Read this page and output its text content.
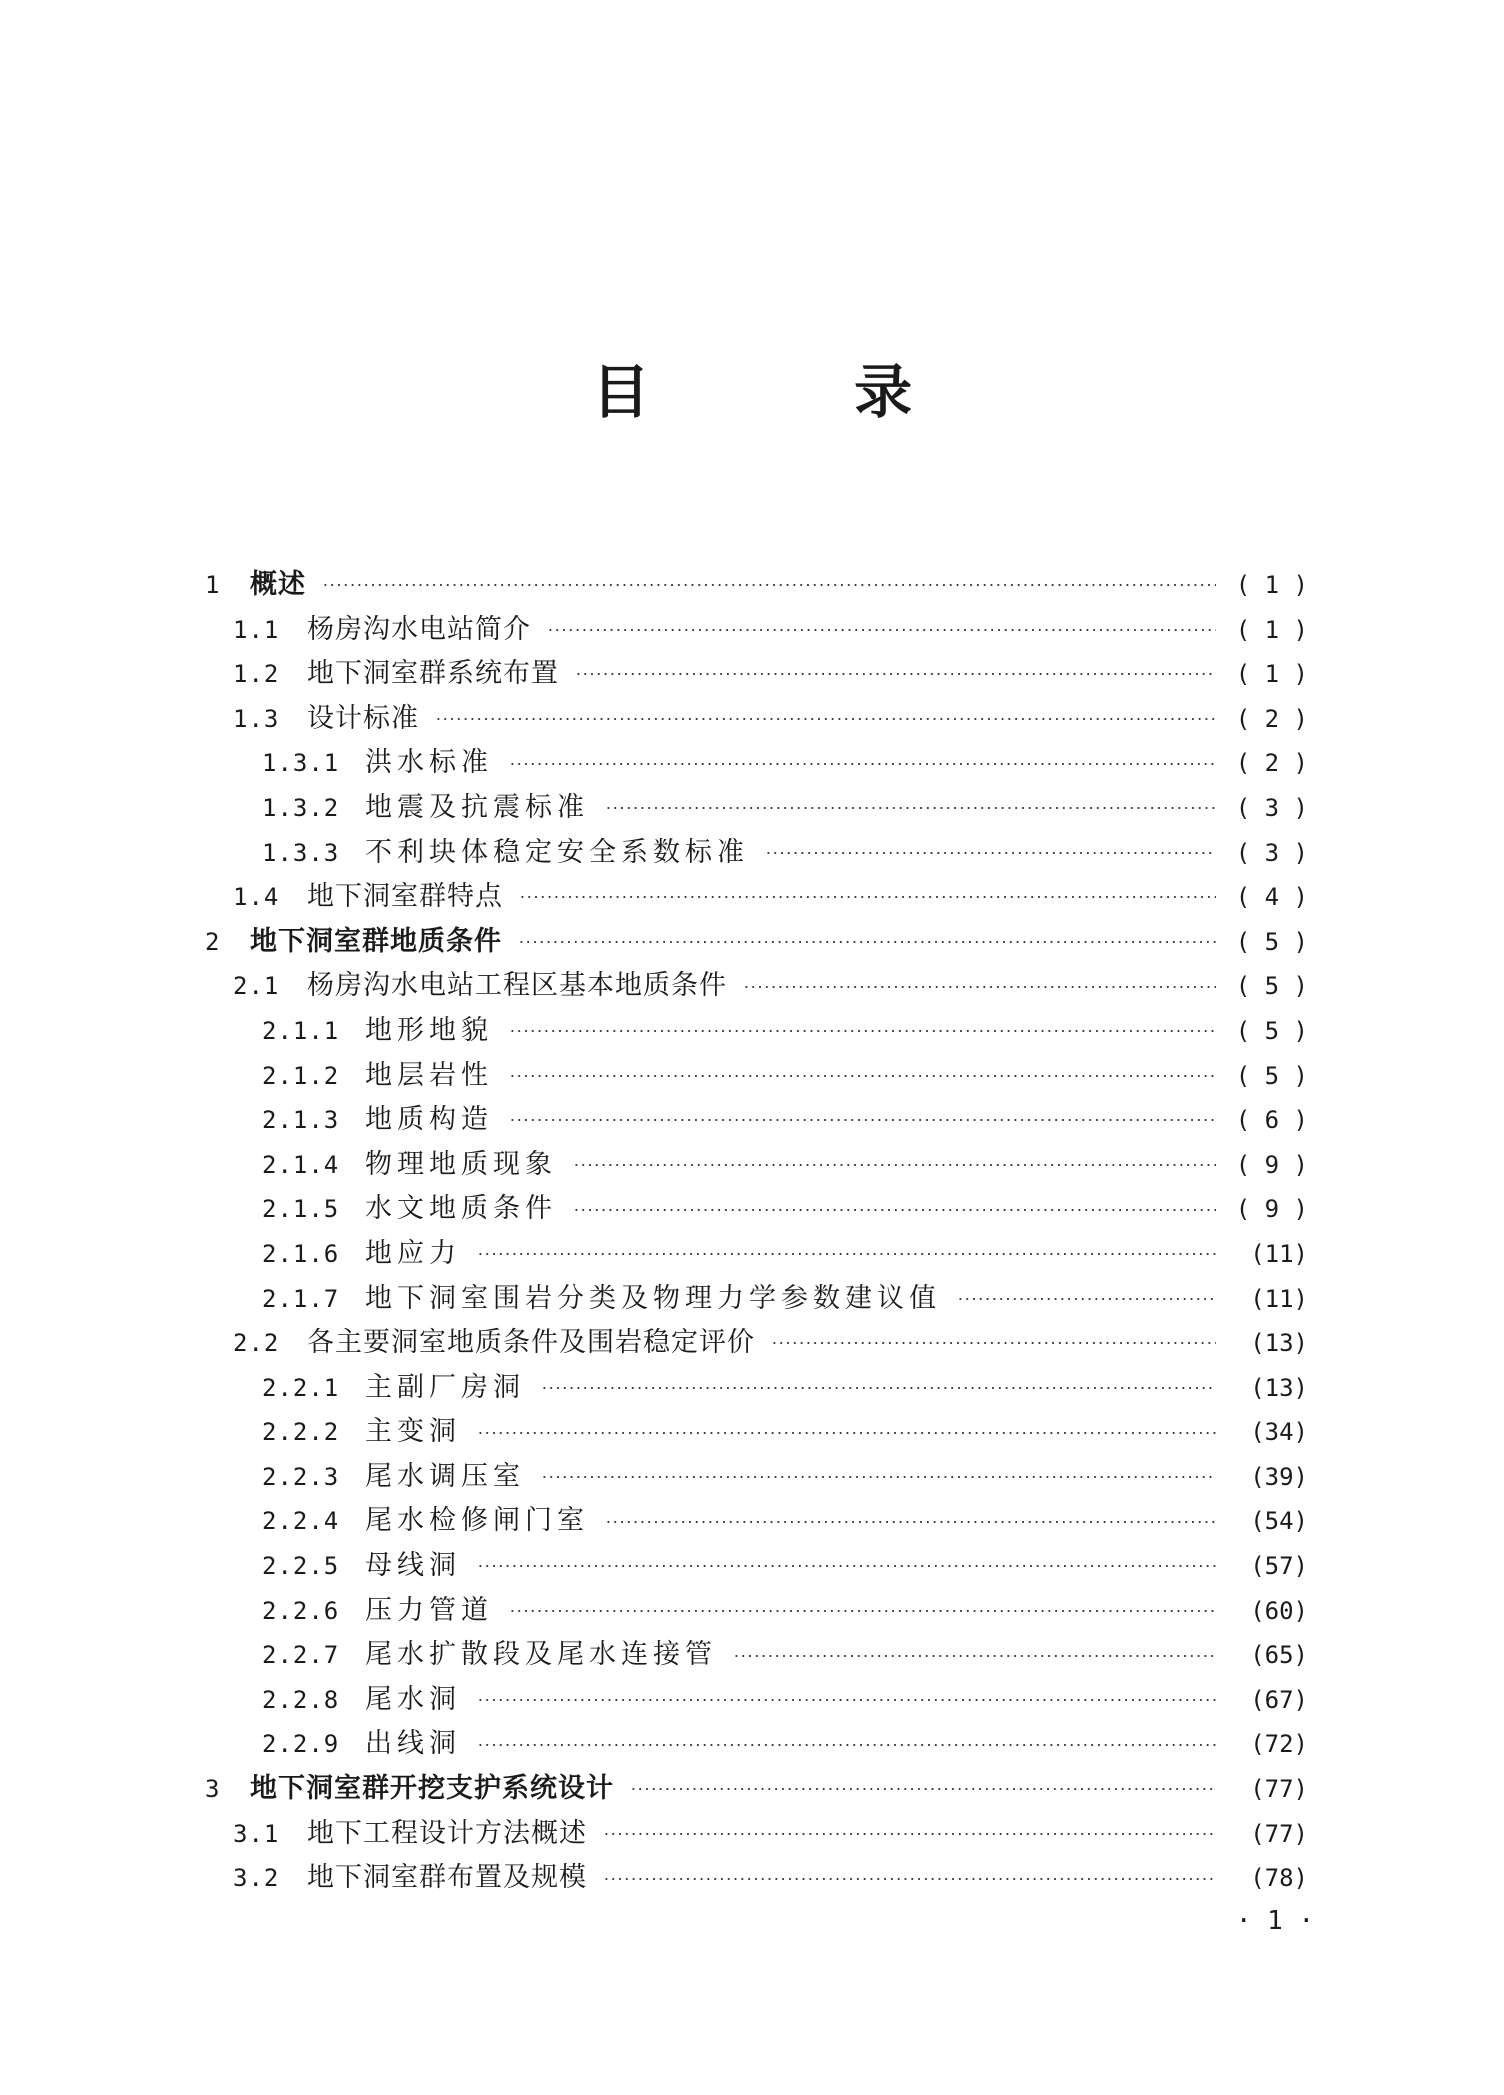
目 录
1	概述	( 1 )
1.1	杨房沟水电站简介	( 1 )
1.2	地下洞室群系统布置	( 1 )
1.3	设计标准	( 2 )
1.3.1 洪水标准	( 2 )
1.3.2 地震及抗震标准	( 3 )
1.3.3 不利块体稳定安全系数标准	( 3 )
1.4	地下洞室群特点	( 4 )
2	地下洞室群地质条件	( 5 )
2.1	杨房沟水电站工程区基本地质条件	( 5 )
2.1.1 地形地貌	( 5 )
2.1.2 地层岩性	( 5 )
2.1.3 地质构造	( 6 )
2.1.4 物理地质现象	( 9 )
2.1.5 水文地质条件	( 9 )
2.1.6 地应力	(11)
2.1.7 地下洞室围岩分类及物理力学参数建议值	(11)
2.2	各主要洞室地质条件及围岩稳定评价	(13)
2.2.1 主副厂房洞	(13)
2.2.2 主变洞	(34)
2.2.3 尾水调压室	(39)
2.2.4 尾水检修闸门室	(54)
2.2.5 母线洞	(57)
2.2.6 压力管道	(60)
2.2.7 尾水扩散段及尾水连接管	(65)
2.2.8 尾水洞	(67)
2.2.9 出线洞	(72)
3	地下洞室群开挖支护系统设计	(77)
3.1	地下工程设计方法概述	(77)
3.2	地下洞室群布置及规模	(78)
· 1 ·
